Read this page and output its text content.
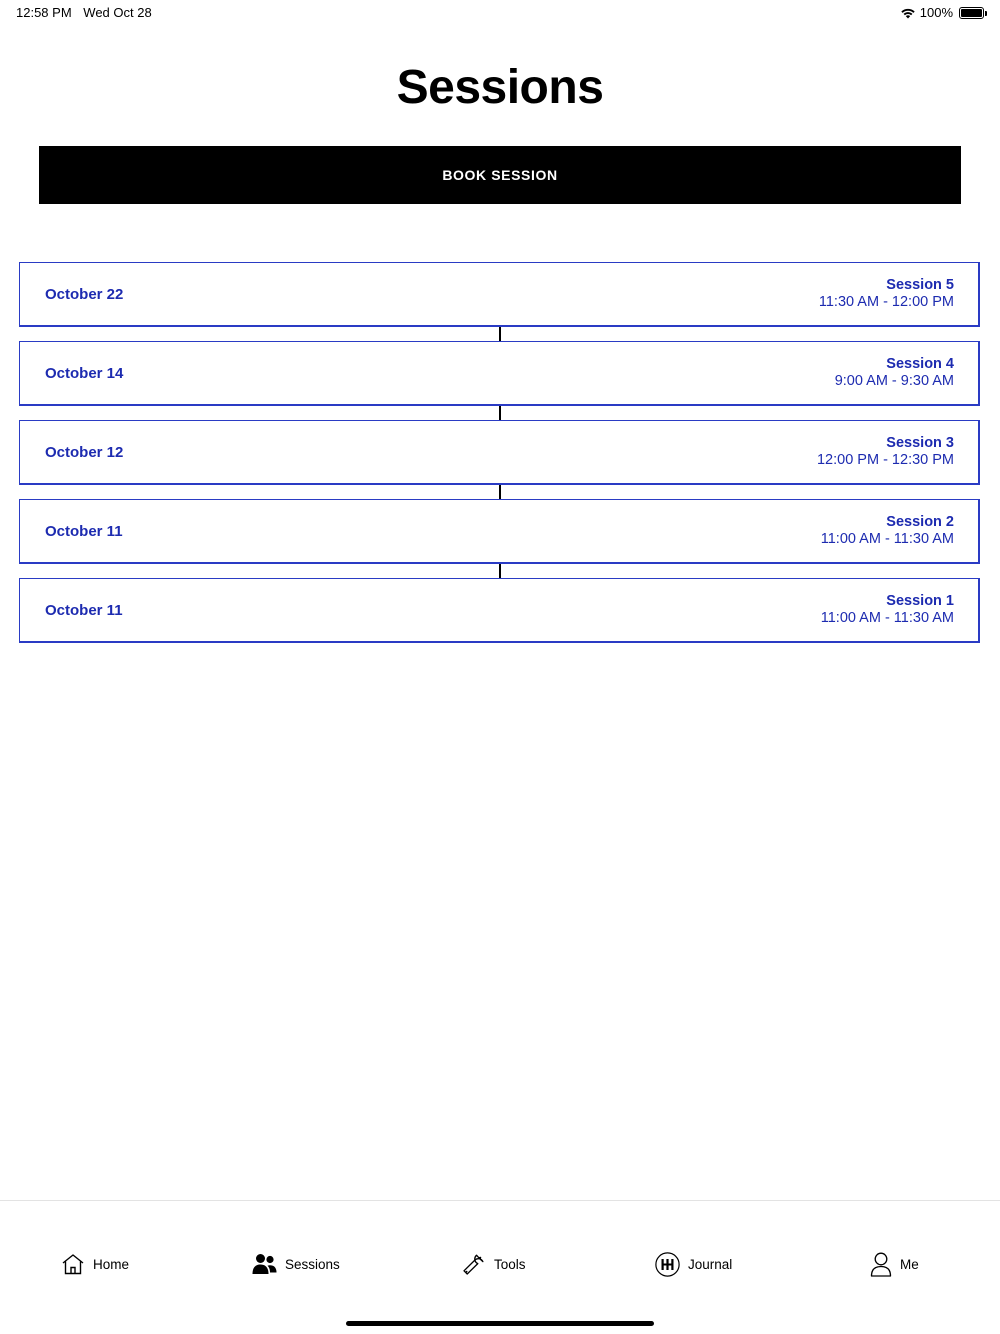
12:58 PM Wed Oct 28	100%
Sessions
BOOK SESSION
October 22
Session 5
11:30 AM - 12:00 PM
October 14
Session 4
9:00 AM - 9:30 AM
October 12
Session 3
12:00 PM - 12:30 PM
October 11
Session 2
11:00 AM - 11:30 AM
October 11
Session 1
11:00 AM - 11:30 AM
Home	Sessions	Tools	Journal	Me
